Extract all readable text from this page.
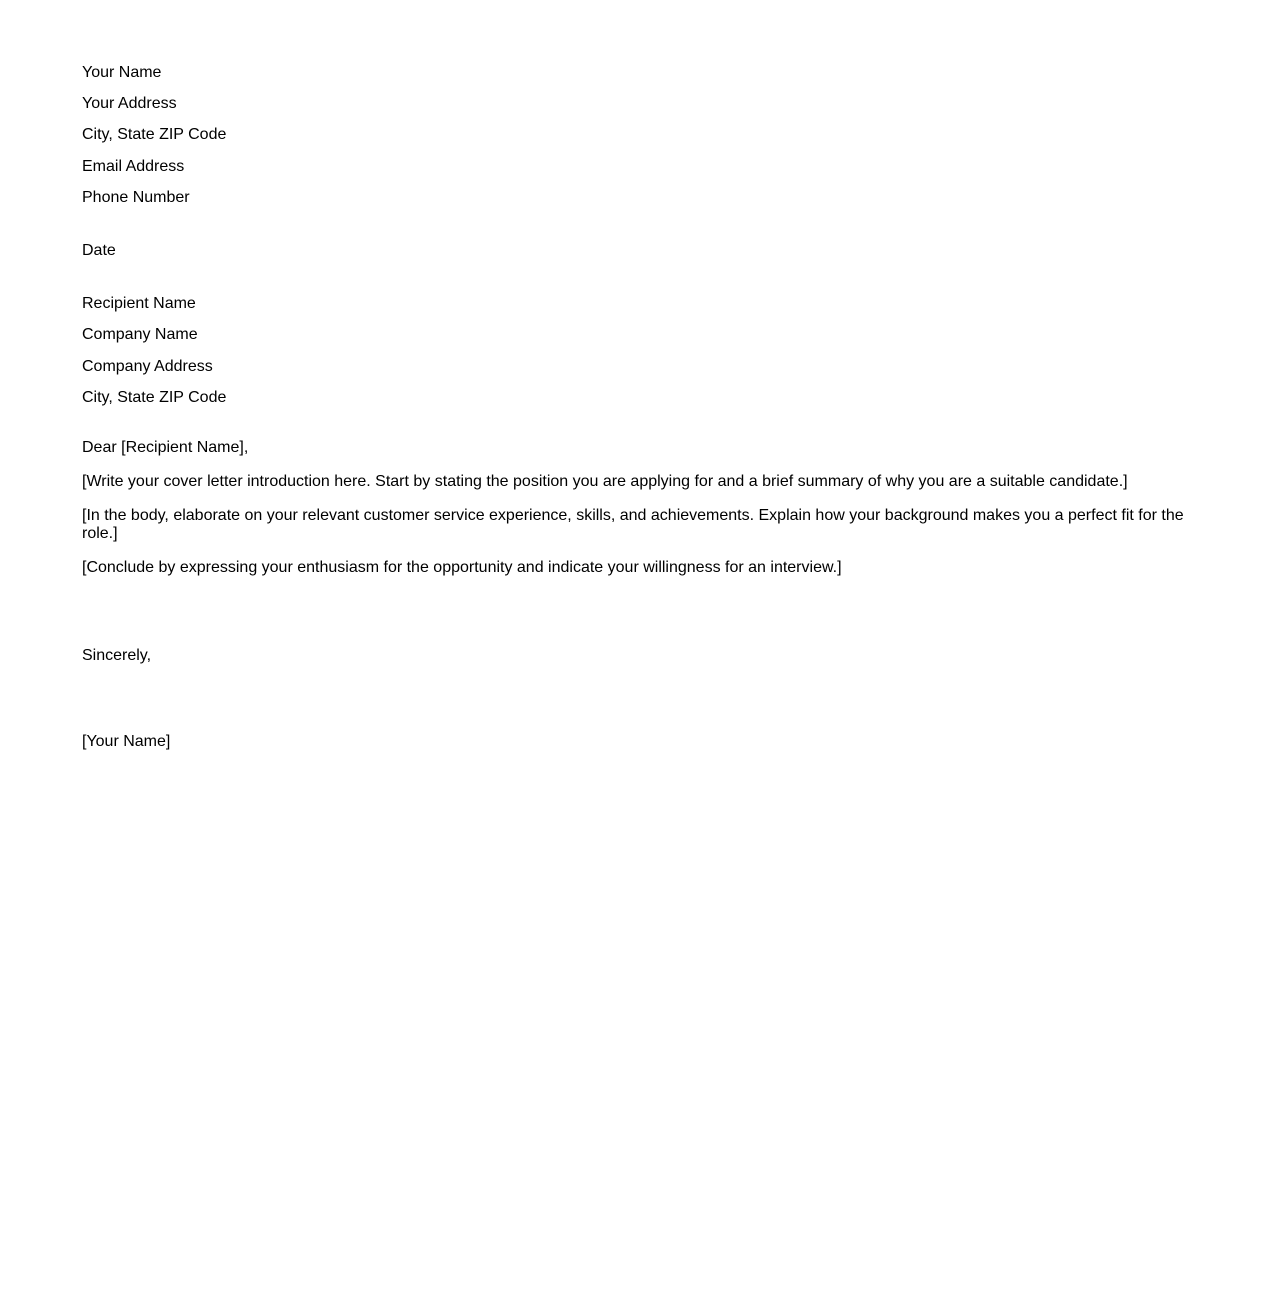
Your Name
Your Address
City, State ZIP Code
Email Address
Phone Number
Date
Recipient Name
Company Name
Company Address
City, State ZIP Code
Dear [Recipient Name],
[Write your cover letter introduction here. Start by stating the position you are applying for and a brief summary of why you are a suitable candidate.]
[In the body, elaborate on your relevant customer service experience, skills, and achievements. Explain how your background makes you a perfect fit for the role.]
[Conclude by expressing your enthusiasm for the opportunity and indicate your willingness for an interview.]
Sincerely,
[Your Name]
